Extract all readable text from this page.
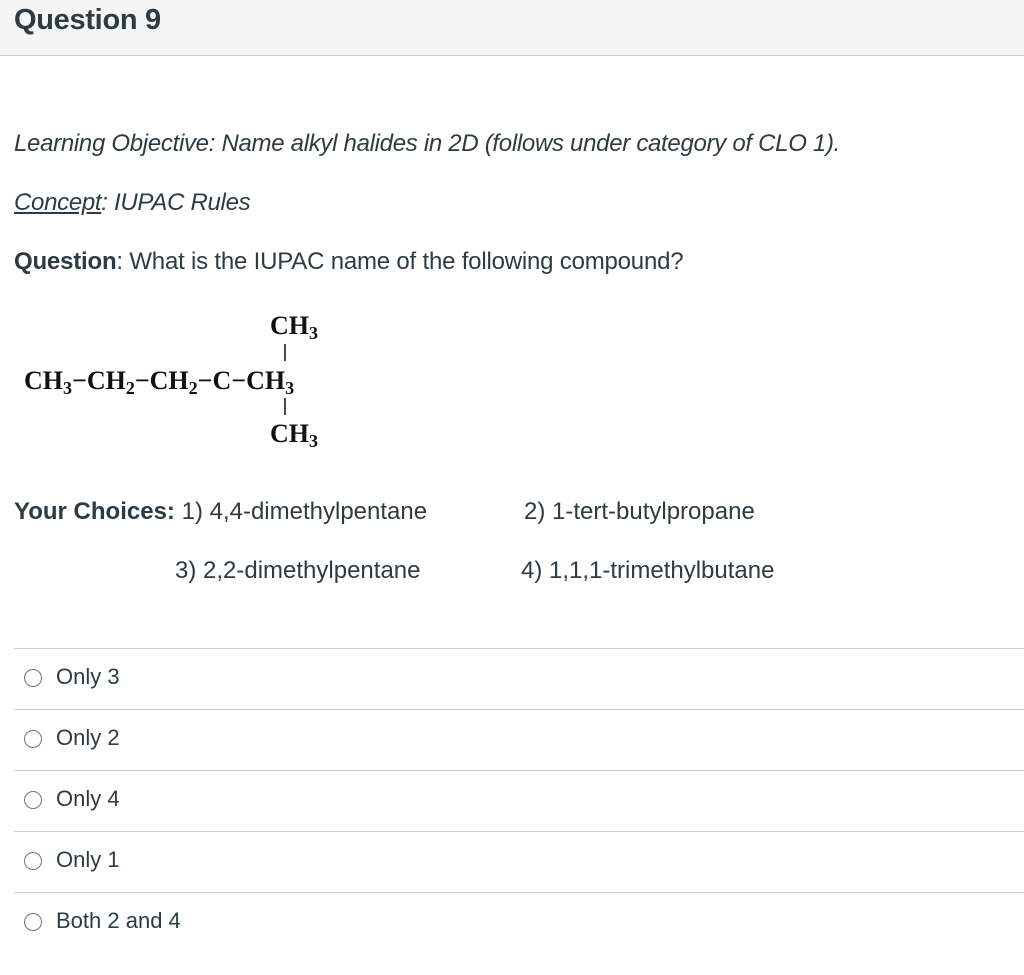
Question 9
Learning Objective: Name alkyl halides in 2D (follows under category of CLO 1).
Concept: IUPAC Rules
Question: What is the IUPAC name of the following compound?
CH3
CH3−CH2−CH2−C−CH3
CH3
Your Choices: 1) 4,4-dimethylpentane	2) 1-tert-butylpropane
3) 2,2-dimethylpentane	4) 1,1,1-trimethylbutane
Only 3
Only 2
Only 4
Only 1
Both 2 and 4
